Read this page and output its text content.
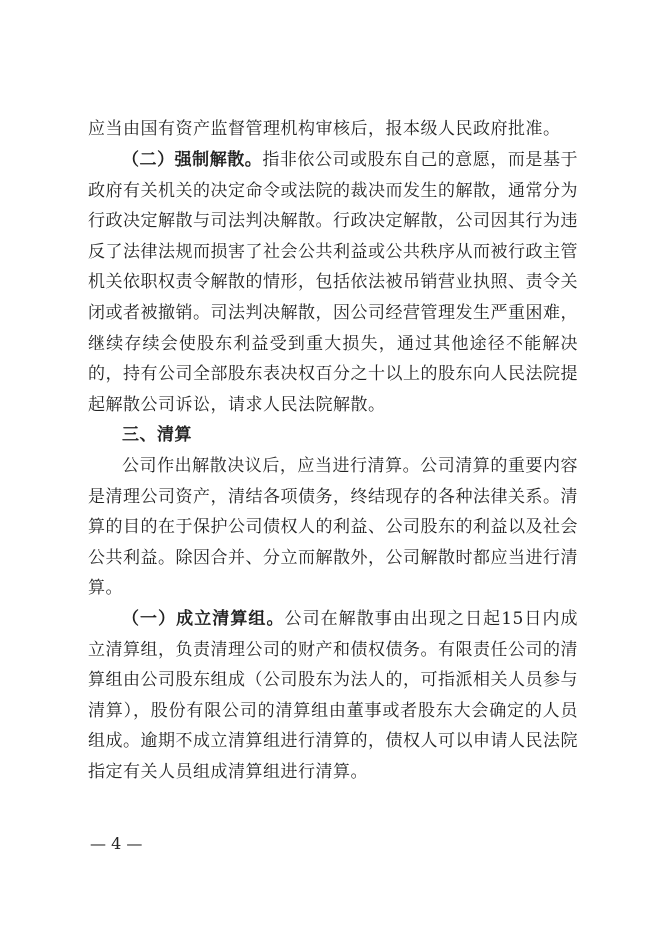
应当由国有资产监督管理机构审核后，报本级人民政府批准。

（二）强制解散。指非依公司或股东自己的意愿，而是基于政府有关机关的决定命令或法院的裁决而发生的解散，通常分为行政决定解散与司法判决解散。行政决定解散，公司因其行为违反了法律法规而损害了社会公共利益或公共秩序从而被行政主管机关依职权责令解散的情形，包括依法被吊销营业执照、责令关闭或者被撤销。司法判决解散，因公司经营管理发生严重困难，继续存续会使股东利益受到重大损失，通过其他途径不能解决的，持有公司全部股东表决权百分之十以上的股东向人民法院提起解散公司诉讼，请求人民法院解散。

三、清算

公司作出解散决议后，应当进行清算。公司清算的重要内容是清理公司资产，清结各项债务，终结现存的各种法律关系。清算的目的在于保护公司债权人的利益、公司股东的利益以及社会公共利益。除因合并、分立而解散外，公司解散时都应当进行清算。

（一）成立清算组。公司在解散事由出现之日起15日内成立清算组，负责清理公司的财产和债权债务。有限责任公司的清算组由公司股东组成（公司股东为法人的，可指派相关人员参与清算），股份有限公司的清算组由董事或者股东大会确定的人员组成。逾期不成立清算组进行清算的，债权人可以申请人民法院指定有关人员组成清算组进行清算。

— 4 —
